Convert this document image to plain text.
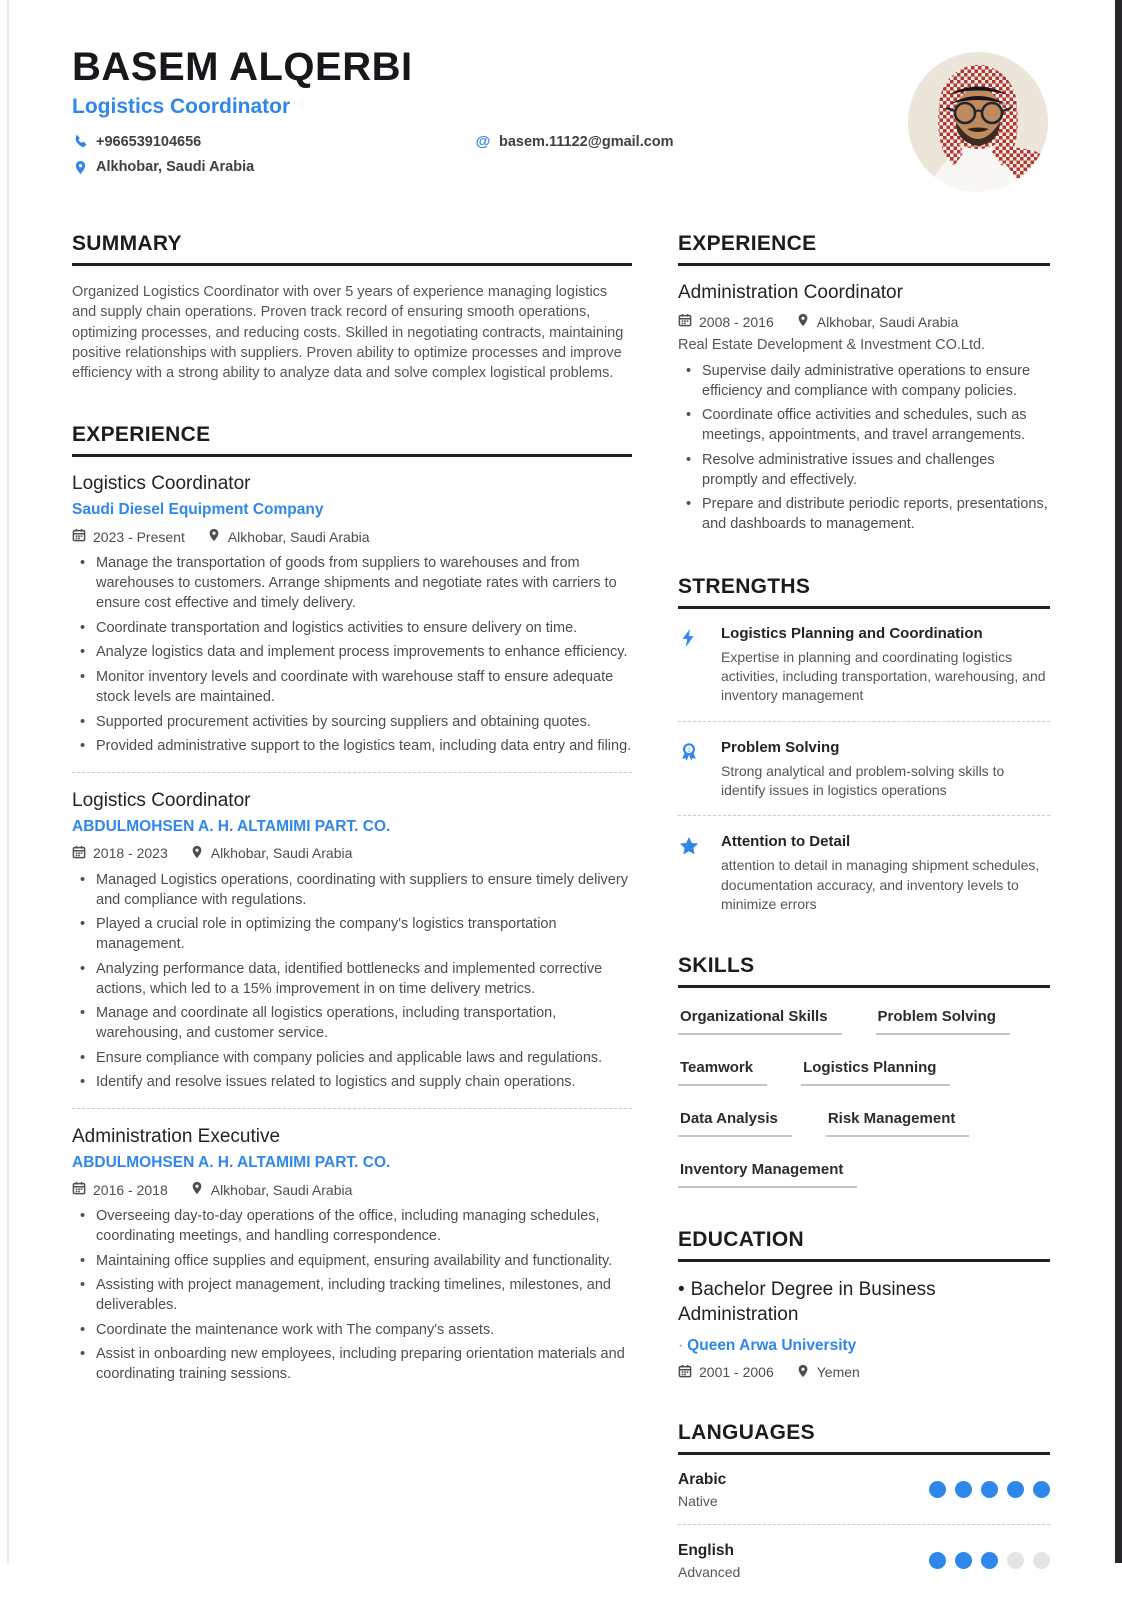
BASEM ALQERBI
Logistics Coordinator
+966539104656	@ basem.11122@gmail.com
Alkhobar, Saudi Arabia
SUMMARY

Organized Logistics Coordinator with over 5 years of experience managing logistics and supply chain operations. Proven track record of ensuring smooth operations, optimizing processes, and reducing costs. Skilled in negotiating contracts, maintaining positive relationships with suppliers. Proven ability to optimize processes and improve efficiency with a strong ability to analyze data and solve complex logistical problems.

EXPERIENCE
Logistics Coordinator
Saudi Diesel Equipment Company
2023 - Present	Alkhobar, Saudi Arabia
• Manage the transportation of goods from suppliers to warehouses and from warehouses to customers. Arrange shipments and negotiate rates with carriers to ensure cost effective and timely delivery.
• Coordinate transportation and logistics activities to ensure delivery on time.
• Analyze logistics data and implement process improvements to enhance efficiency.
• Monitor inventory levels and coordinate with warehouse staff to ensure adequate stock levels are maintained.
• Supported procurement activities by sourcing suppliers and obtaining quotes.
• Provided administrative support to the logistics team, including data entry and filing.
Logistics Coordinator
ABDULMOHSEN A. H. ALTAMIMI PART. CO.
2018 - 2023	Alkhobar, Saudi Arabia
• Managed Logistics operations, coordinating with suppliers to ensure timely delivery and compliance with regulations.
• Played a crucial role in optimizing the company's logistics transportation management.
• Analyzing performance data, identified bottlenecks and implemented corrective actions, which led to a 15% improvement in on time delivery metrics.
• Manage and coordinate all logistics operations, including transportation, warehousing, and customer service.
• Ensure compliance with company policies and applicable laws and regulations.
• Identify and resolve issues related to logistics and supply chain operations.
Administration Executive
ABDULMOHSEN A. H. ALTAMIMI PART. CO.
2016 - 2018	Alkhobar, Saudi Arabia
• Overseeing day-to-day operations of the office, including managing schedules, coordinating meetings, and handling correspondence.
• Maintaining office supplies and equipment, ensuring availability and functionality.
• Assisting with project management, including tracking timelines, milestones, and deliverables.
• Coordinate the maintenance work with The company's assets.
• Assist in onboarding new employees, including preparing orientation materials and coordinating training sessions.
EXPERIENCE
Administration Coordinator
2008 - 2016	Alkhobar, Saudi Arabia
Real Estate Development & Investment CO.Ltd.
• Supervise daily administrative operations to ensure efficiency and compliance with company policies.
• Coordinate office activities and schedules, such as meetings, appointments, and travel arrangements.
• Resolve administrative issues and challenges promptly and effectively.
• Prepare and distribute periodic reports, presentations, and dashboards to management.
STRENGTHS
Logistics Planning and Coordination
Expertise in planning and coordinating logistics activities, including transportation, warehousing, and inventory management
1 Problem Solving
Strong analytical and problem-solving skills to identify issues in logistics operations
Attention to Detail
attention to detail in managing shipment schedules, documentation accuracy, and inventory levels to minimize errors
SKILLS
Organizational Skills	Problem Solving
Teamwork	Logistics Planning
Data Analysis	Risk Management
Inventory Management
EDUCATION
• Bachelor Degree in Business Administration
· Queen Arwa University
2001 - 2006	Yemen
LANGUAGES
Arabic
Native
English
Advanced
